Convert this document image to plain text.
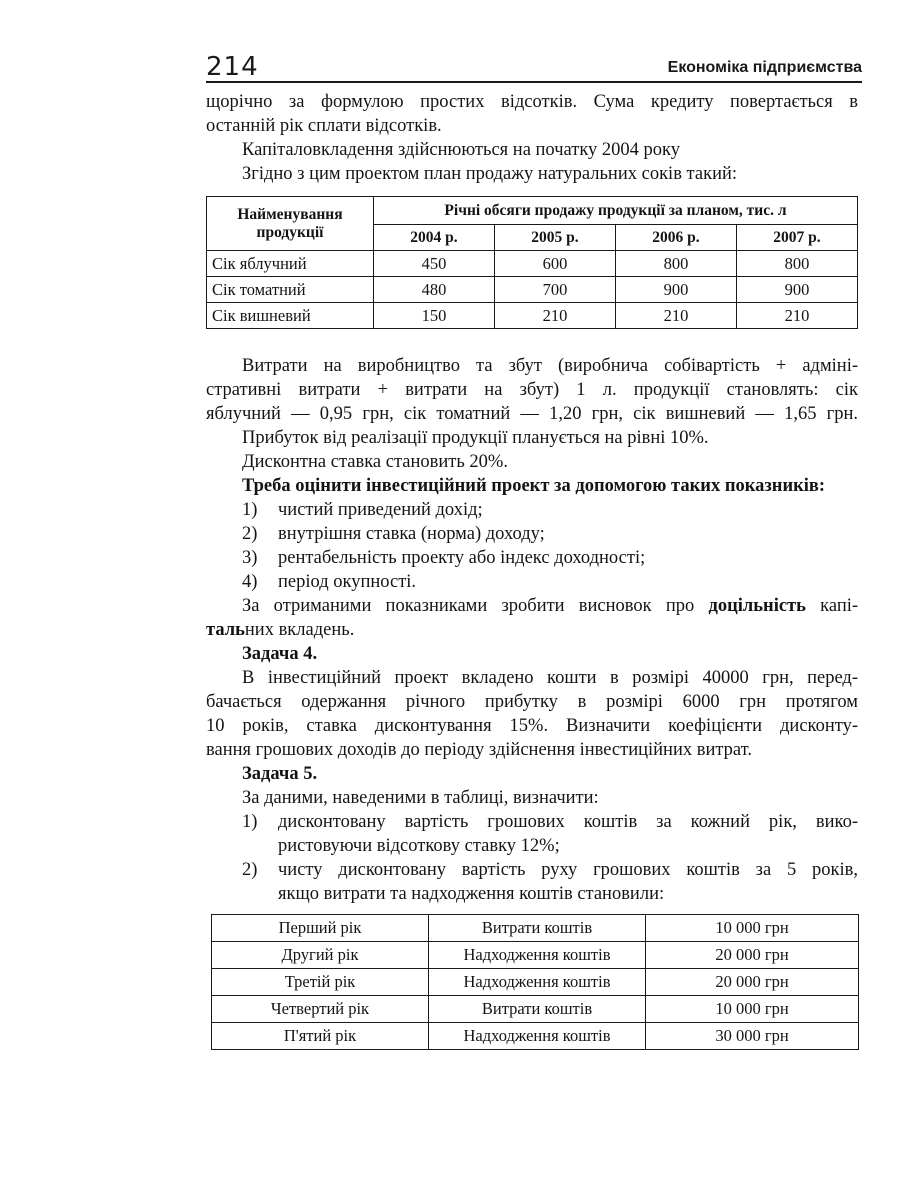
214	Економіка підприємства
щорічно за формулою простих відсотків. Сума кредиту повертається в
останній рік сплати відсотків.
Капіталовкладення здійснюються на початку 2004 року
Згідно з цим проектом план продажу натуральних соків такий:
Найменування продукції	Річні обсяги продажу продукції за планом, тис. л			
	2004 р.	2005 р.	2006 р.	2007 р.
Сік яблучний	450	600	800	800
Сік томатний	480	700	900	900
Сік вишневий	150	210	210	210
Витрати на виробництво та збут (виробнича собівартість + адміні-
стративні витрати + витрати на збут) 1 л. продукції становлять: сік
яблучний — 0,95 грн, сік томатний — 1,20 грн, сік вишневий — 1,65 грн.
Прибуток від реалізації продукції планується на рівні 10%.
Дисконтна ставка становить 20%.
Треба оцінити інвестиційний проект за допомогою таких показників:
1) чистий приведений дохід;
2) внутрішня ставка (норма) доходу;
3) рентабельність проекту або індекс доходності;
4) період окупності.
За отриманими показниками зробити висновок про доцільність капі-
тальних вкладень.
Задача 4.
В інвестиційний проект вкладено кошти в розмірі 40000 грн, перед-
бачається одержання річного прибутку в розмірі 6000 грн протягом
10 років, ставка дисконтування 15%. Визначити коефіцієнти дисконту-
вання грошових доходів до періоду здійснення інвестиційних витрат.
Задача 5.
За даними, наведеними в таблиці, визначити:
1) дисконтовану вартість грошових коштів за кожний рік, вико-
ристовуючи відсоткову ставку 12%;
2) чисту дисконтовану вартість руху грошових коштів за 5 років,
якщо витрати та надходження коштів становили:
Перший рік	Витрати коштів	10 000 грн
Другий рік	Надходження коштів	20 000 грн
Третій рік	Надходження коштів	20 000 грн
Четвертий рік	Витрати коштів	10 000 грн
П'ятий рік	Надходження коштів	30 000 грн
